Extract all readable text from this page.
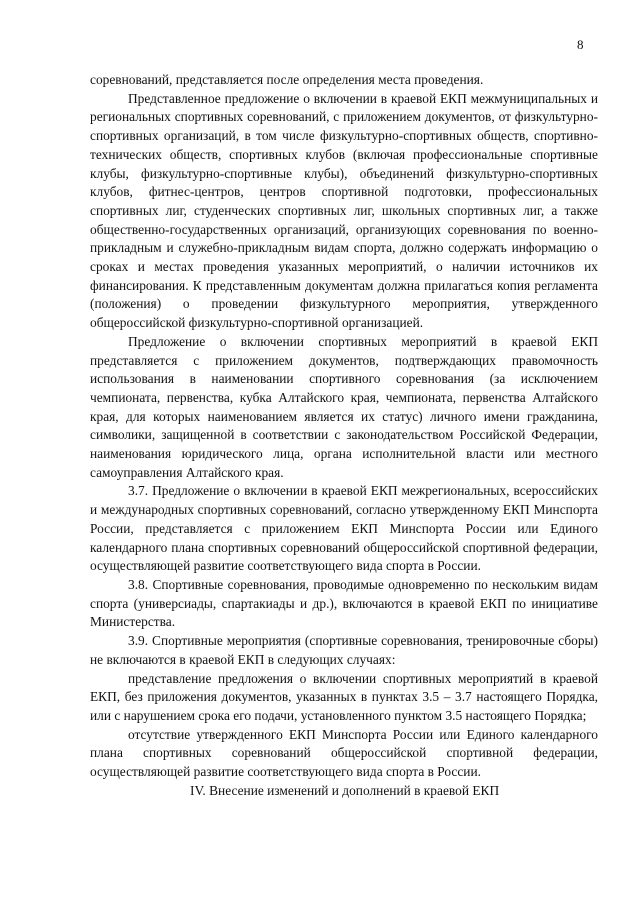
8

соревнований, представляется после определения места проведения.

Представленное предложение о включении в краевой ЕКП межмуниципальных и региональных спортивных соревнований, с приложением документов, от физкультурно-спортивных организаций, в том числе физкультурно-спортивных обществ, спортивно-технических обществ, спортивных клубов (включая профессиональные спортивные клубы, физкультурно-спортивные клубы), объединений физкультурно-спортивных клубов, фитнес-центров, центров спортивной подготовки, профессиональных спортивных лиг, студенческих спортивных лиг, школьных спортивных лиг, а также общественно-государственных организаций, организующих соревнования по военно-прикладным и служебно-прикладным видам спорта, должно содержать информацию о сроках и местах проведения указанных мероприятий, о наличии источников их финансирования. К представленным документам должна прилагаться копия регламента (положения) о проведении физкультурного мероприятия, утвержденного общероссийской физкультурно-спортивной организацией.

Предложение о включении спортивных мероприятий в краевой ЕКП представляется с приложением документов, подтверждающих правомочность использования в наименовании спортивного соревнования (за исключением чемпионата, первенства, кубка Алтайского края, чемпионата, первенства Алтайского края, для которых наименованием является их статус) личного имени гражданина, символики, защищенной в соответствии с законодательством Российской Федерации, наименования юридического лица, органа исполнительной власти или местного самоуправления Алтайского края.

3.7. Предложение о включении в краевой ЕКП межрегиональных, всероссийских и международных спортивных соревнований, согласно утвержденному ЕКП Минспорта России, представляется с приложением ЕКП Минспорта России или Единого календарного плана спортивных соревнований общероссийской спортивной федерации, осуществляющей развитие соответствующего вида спорта в России.

3.8. Спортивные соревнования, проводимые одновременно по нескольким видам спорта (универсиады, спартакиады и др.), включаются в краевой ЕКП по инициативе Министерства.

3.9. Спортивные мероприятия (спортивные соревнования, тренировочные сборы) не включаются в краевой ЕКП в следующих случаях:

представление предложения о включении спортивных мероприятий в краевой ЕКП, без приложения документов, указанных в пунктах 3.5 – 3.7 настоящего Порядка, или с нарушением срока его подачи, установленного пунктом 3.5 настоящего Порядка;

отсутствие утвержденного ЕКП Минспорта России или Единого календарного плана спортивных соревнований общероссийской спортивной федерации, осуществляющей развитие соответствующего вида спорта в России.

IV. Внесение изменений и дополнений в краевой ЕКП
